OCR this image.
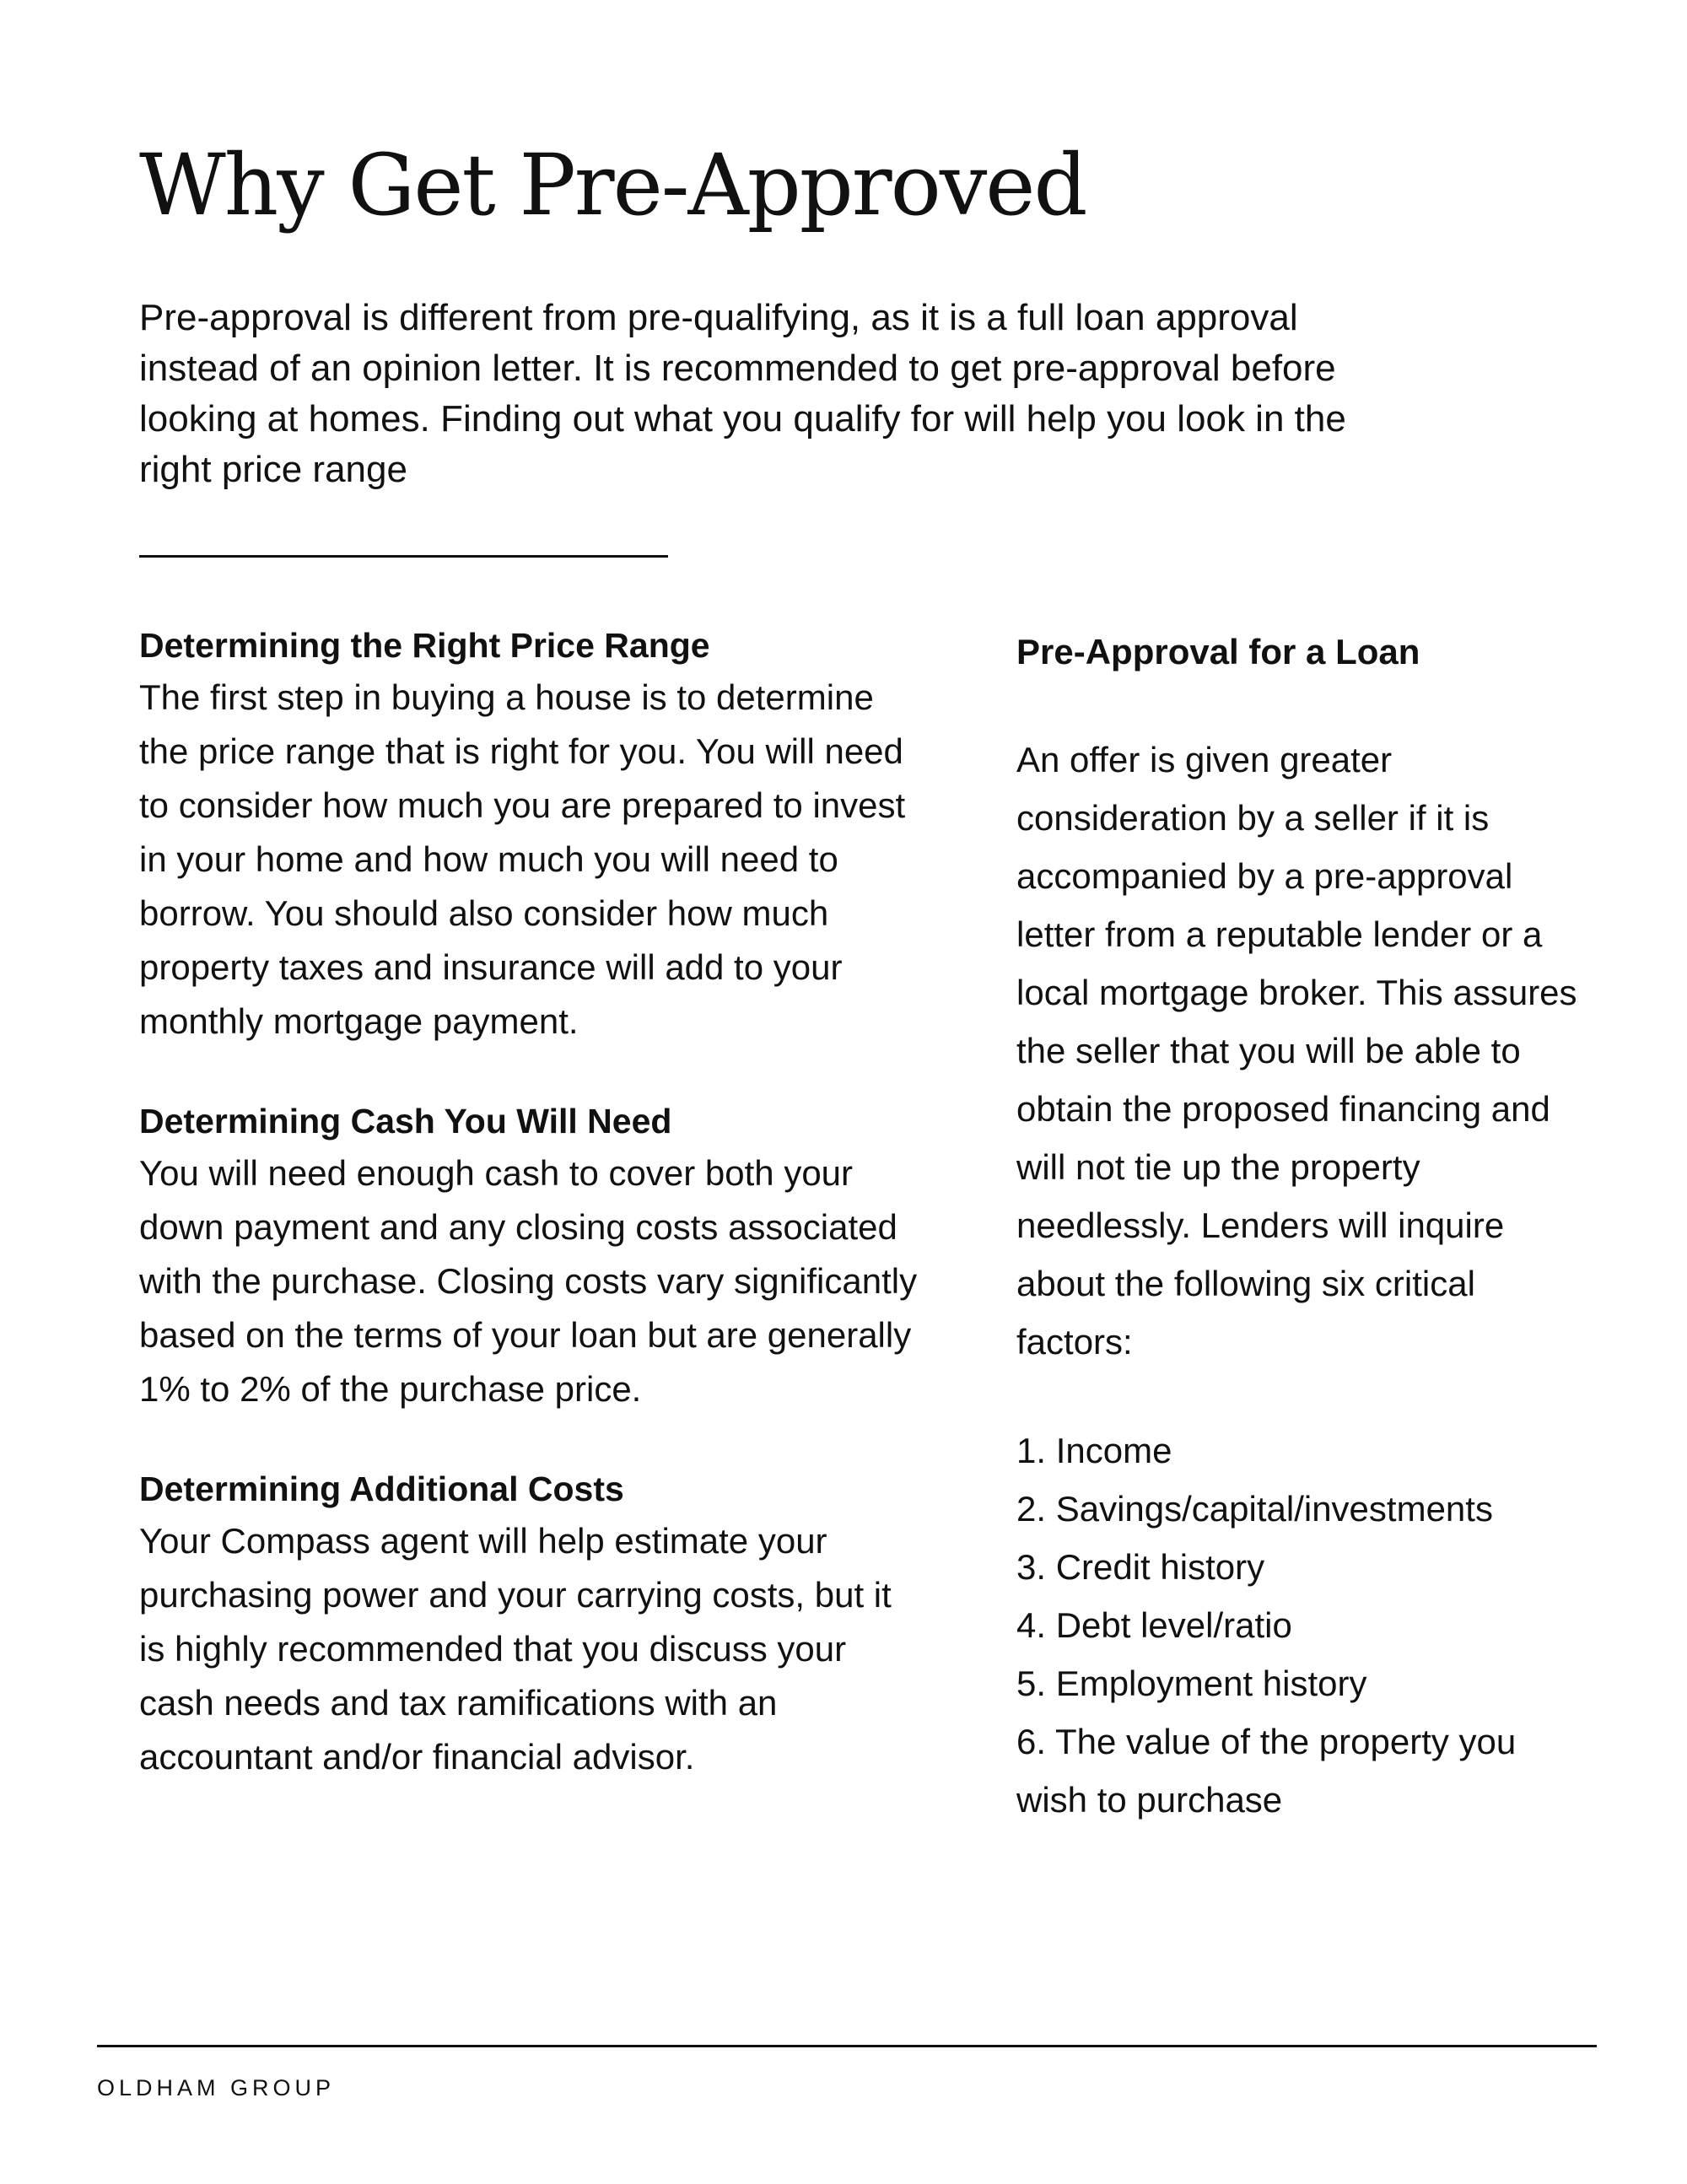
Why Get Pre-Approved

Pre-approval is different from pre-qualifying, as it is a full loan approval instead of an opinion letter. It is recommended to get pre-approval before looking at homes. Finding out what you qualify for will help you look in the right price range

Determining the Right Price Range

The first step in buying a house is to determine the price range that is right for you. You will need to consider how much you are prepared to invest in your home and how much you will need to borrow. You should also consider how much property taxes and insurance will add to your monthly mortgage payment.

Determining Cash You Will Need

You will need enough cash to cover both your down payment and any closing costs associated with the purchase. Closing costs vary significantly based on the terms of your loan but are generally 1% to 2% of the purchase price.

Determining Additional Costs

Your Compass agent will help estimate your purchasing power and your carrying costs, but it is highly recommended that you discuss your cash needs and tax ramifications with an accountant and/or financial advisor.

Pre-Approval for a Loan

An offer is given greater consideration by a seller if it is accompanied by a pre-approval letter from a reputable lender or a local mortgage broker. This assures the seller that you will be able to obtain the proposed financing and will not tie up the property needlessly. Lenders will inquire about the following six critical factors:

1. Income
2. Savings/capital/investments
3. Credit history
4. Debt level/ratio
5. Employment history
6. The value of the property you wish to purchase

OLDHAM GROUP
